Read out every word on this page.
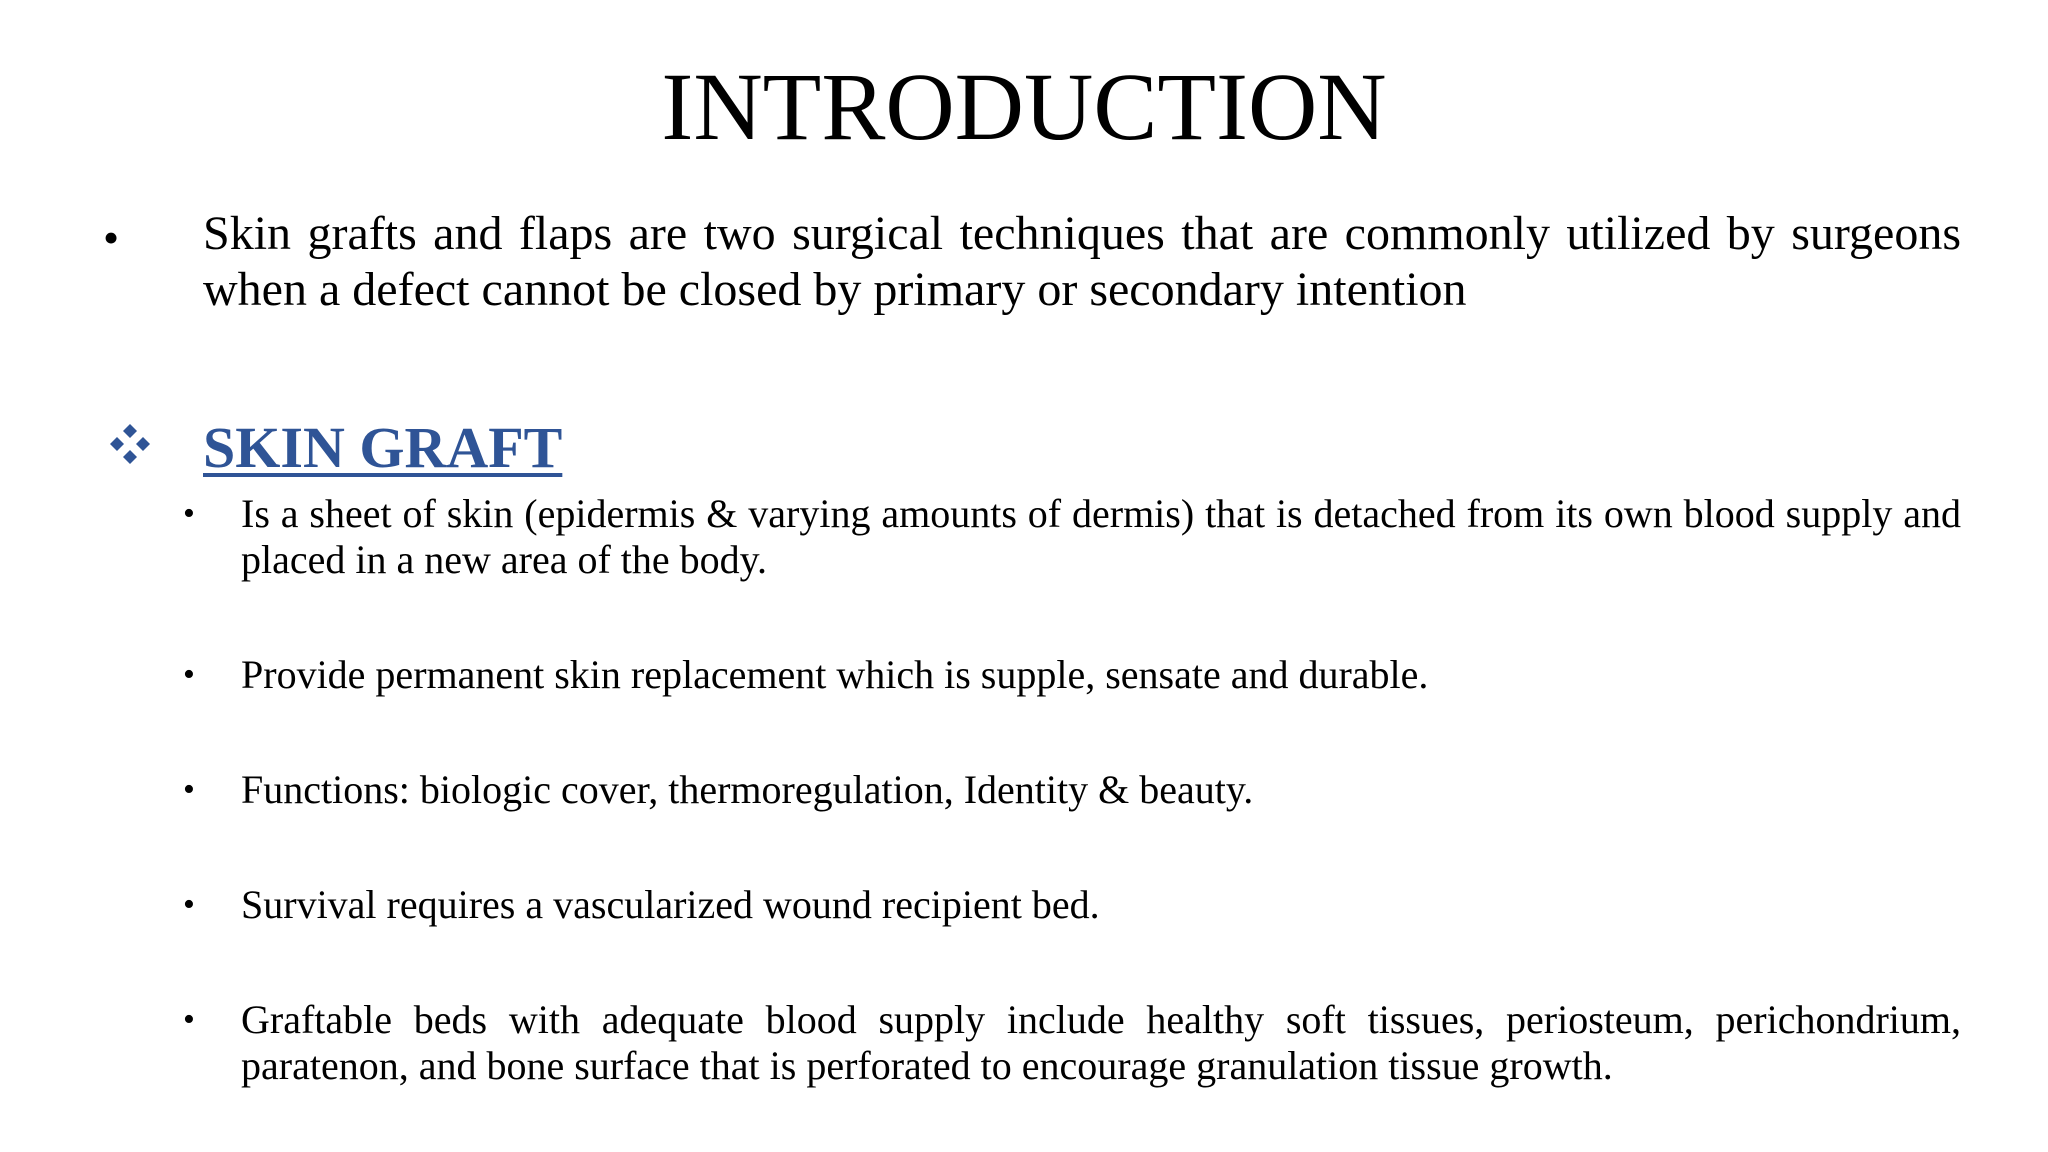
INTRODUCTION
• Skin grafts and flaps are two surgical techniques that are commonly utilized by surgeons when a defect cannot be closed by primary or secondary intention

SKIN GRAFT
• Is a sheet of skin (epidermis & varying amounts of dermis) that is detached from its own blood supply and placed in a new area of the body.

• Provide permanent skin replacement which is supple, sensate and durable.

• Functions: biologic cover, thermoregulation, Identity & beauty.

• Survival requires a vascularized wound recipient bed.

• Graftable beds with adequate blood supply include healthy soft tissues, periosteum, perichondrium, paratenon, and bone surface that is perforated to encourage granulation tissue growth.
